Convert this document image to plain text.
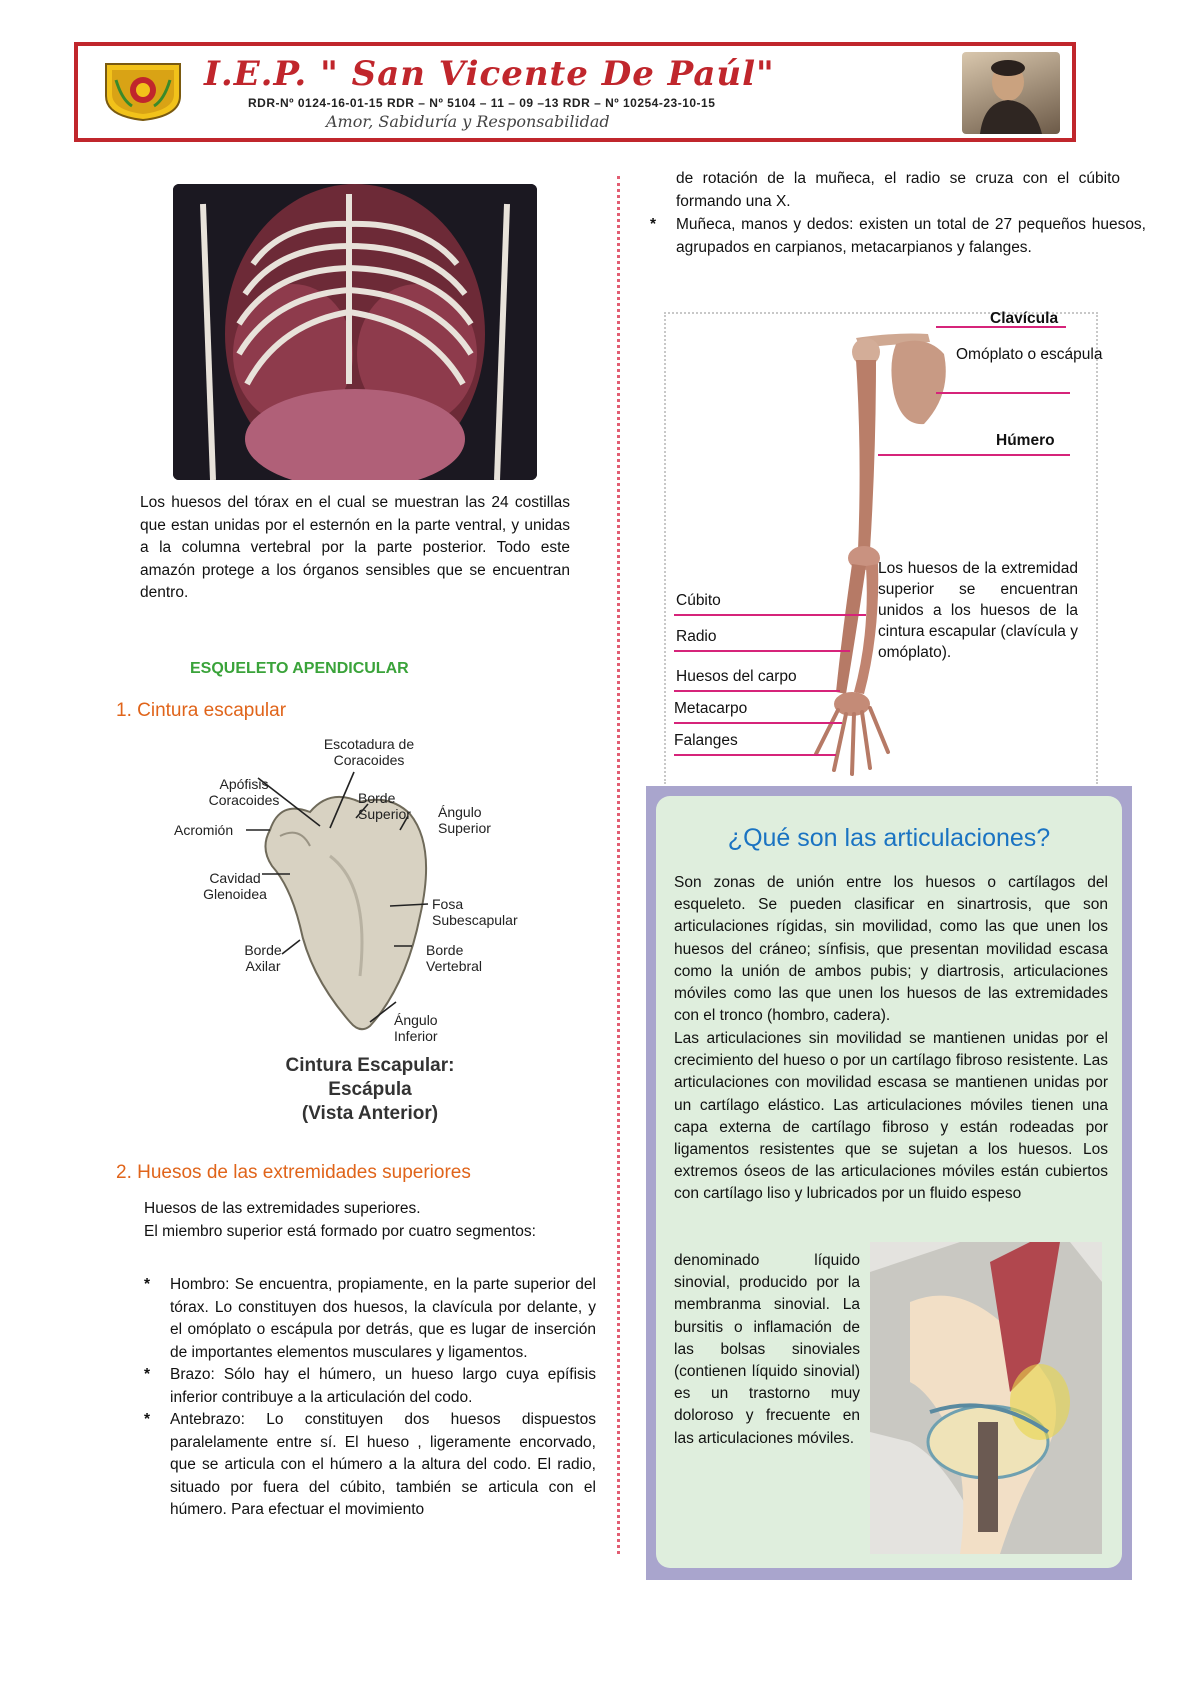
I.E.P. " San Vicente De Paúl"
RDR-Nº 0124-16-01-15 RDR – Nº 5104 – 11 – 09 –13 RDR – Nº 10254-23-10-15
Amor, Sabiduría y Responsabilidad
Los huesos del tórax en el cual se muestran las 24 costillas que estan unidas por el esternón en la parte ventral, y unidas a la columna vertebral por la parte posterior. Todo este amazón protege a los órganos sensibles que se encuentran dentro.
ESQUELETO APENDICULAR
1. Cintura escapular
Escotadura de Coracoides
Apófisis Coracoides	Borde Superior	Ángulo Superior
Acromión
Cavidad Glenoidea
Fosa Subescapular
Borde Axilar
Borde Vertebral
Ángulo Inferior
Cintura Escapular:
Escápula
(Vista Anterior)
2. Huesos de las extremidades superiores
Huesos de las extremidades superiores.
El miembro superior está formado por cuatro segmentos:
* Hombro: Se encuentra, propiamente, en la parte superior del tórax. Lo constituyen dos huesos, la clavícula por delante, y el omóplato o escápula por detrás, que es lugar de inserción de importantes elementos musculares y ligamentos.
* Brazo: Sólo hay el húmero, un hueso largo cuya epífisis inferior contribuye a la articulación del codo.
* Antebrazo: Lo constituyen dos huesos dispuestos paralelamente entre sí. El hueso , ligeramente encorvado, que se articula con el húmero a la altura del codo. El radio, situado por fuera del cúbito, también se articula con el húmero. Para efectuar el movimiento
de rotación de la muñeca, el radio se cruza con el cúbito formando una X.
* Muñeca, manos y dedos: existen un total de 27 pequeños huesos, agrupados en carpianos, metacarpianos y falanges.
Clavícula
Omóplato o escápula
Húmero
Los huesos de la extremidad superior se encuentran unidos a los huesos de la cintura escapular (clavícula y omóplato).
Cúbito
Radio
Huesos del carpo
Metacarpo
Falanges
¿Qué son las articulaciones?
Son zonas de unión entre los huesos o cartílagos del esqueleto. Se pueden clasificar en sinartrosis, que son articulaciones rígidas, sin movilidad, como las que unen los huesos del cráneo; sínfisis, que presentan movilidad escasa como la unión de ambos pubis; y diartrosis, articulaciones móviles como las que unen los huesos de las extremidades con el tronco (hombro, cadera).
Las articulaciones sin movilidad se mantienen unidas por el crecimiento del hueso o por un cartílago fibroso resistente. Las articulaciones con movilidad escasa se mantienen unidas por un cartílago elástico. Las articulaciones móviles tienen una capa externa de cartílago fibroso y están rodeadas por ligamentos resistentes que se sujetan a los huesos. Los extremos óseos de las articulaciones móviles están cubiertos con cartílago liso y lubricados por un fluido espeso
denominado líquido sinovial, producido por la membranma sinovial. La bursitis o inflamación de las bolsas sinoviales (contienen líquido sinovial) es un trastorno muy doloroso y frecuente en las articulaciones móviles.
